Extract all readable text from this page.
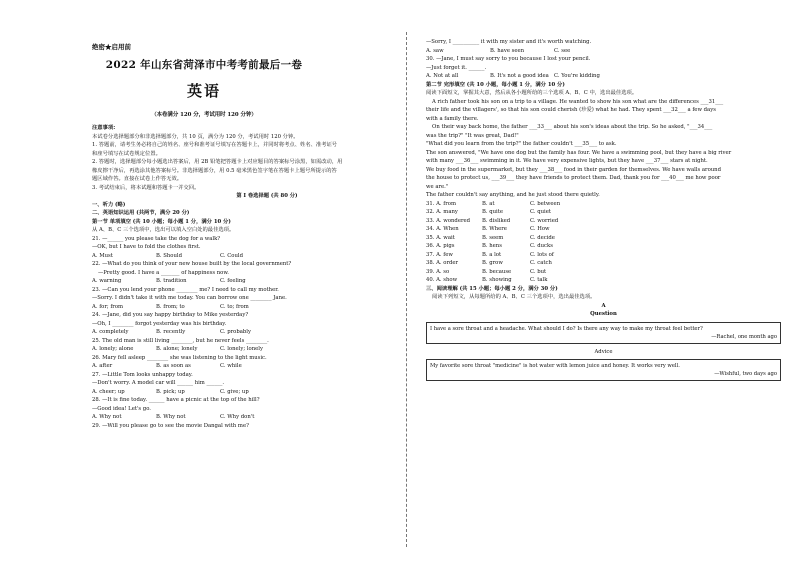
绝密★启用前
2022 年山东省菏泽市中考考前最后一卷
英语
（本卷满分 120 分，考试用时 120 分钟）
注意事项:
本试卷分选择题部分和非选择题部分，共 10 页，满分为 120 分，考试用时 120 分钟。
1. 答题前，请考生务必将自己的姓名、座号和准考证号填写在答题卡上，并同时将考点、姓名、准考证号
和座号填写在试卷规定位置。
2. 答题时，选择题部分每小题选出答案后，用 2B 铅笔把答题卡上对应题目的答案标号涂黑，如需改动，用
橡皮擦干净后，再选涂其他答案标号。非选择题部分，用 0.5 毫米黑色签字笔在答题卡上题号所提示的答
题区域作答。直接在试卷上作答无效。
3. 考试结束后，将本试题和答题卡一并交回。
第 I 卷选择题 (共 80 分)
一、听力 (略)
二、英语知识运用 (共两节，满分 20 分)
第一节 单项填空 (共 10 小题；每小题 1 分，满分 10 分)
从 A、B、C 三个选项中，选出可以填入空白处的最佳选项。
21. —______ you please take the dog for a walk?
—OK, but I have to fold the clothes first.
A. Must	B. Should	C. Could
22. —What do you think of your new house built by the local government?
—Pretty good. I have a _______ of happiness now.
A. warning	B. tradition	C. feeling
23. —Can you lend your phone ________ me? I need to call my mother.
—Sorry. I didn't take it with me today. You can borrow one ________ Jane.
A. for; from	B. from; to	C. to; from
24. —Jane, did you say happy birthday to Mike yesterday?
—Oh, I ________ forgot yesterday was his birthday.
A. completely	B. recently	C. probably
25. The old man is still living ________, but he never feels ________.
A. lonely; alone	B. alone; lonely	C. lonely; lonely
26. Mary fell asleep ________ she was listening to the light music.
A. after	B. as soon as	C. while
27. —Little Tom looks unhappy today.
—Don't worry. A model car will ______ him ______.
A. cheer; up	B. pick; up	C. give; up
28. —It is fine today. ______ have a picnic at the top of the hill?
—Good idea! Let's go.
A. Why not	B. Why not	C. Why don't
29. —Will you please go to see the movie Dangal with me?
—Sorry, I __________ it with my sister and it's worth watching.
A. saw	B. have seen	C. see
30. —Jane, I must say sorry to you because I lost your pencil.
—Just forget it. ______.
A. Not at all	B. It's not a good idea C. You're kidding
第二节 完形填空 (共 10 小题，每小题 1 分，满分 10 分)
阅读下面短文，掌握其大意，然后从各小题所给的三个选项 A、B、C 中，选出最佳选项。
A rich father took his son on a trip to a village. He wanted to show his son what are the differences ___31___
their life and the villagers', so that his son could cherish (珍爱) what he had. They spent ___32___ a few days
with a family there.
On their way back home, the father ___33___ about his son's ideas about the trip. So he asked, "___34___
was the trip?" "It was great, Dad!"
"What did you learn from the trip?" the father couldn't ___35___ to ask.
The son answered, "We have one dog but the family has four. We have a swimming pool, but they have a big river
with many ___36___ swimming in it. We have very expensive lights, but they have ___37___ stars at night.
We buy food in the supermarket, but they ___38___ food in their garden for themselves. We have walls around
the house to protect us, ___39___ they have friends to protect them. Dad, thank you for ___40___ me how poor
we are."
The father couldn't say anything, and he just stood there quietly.
31. A. from	B. at	C. between
32. A. many	B. quite	C. quiet
33. A. wondered	B. disliked	C. worried
34. A. When	B. Where	C. How
35. A. wait	B. seem	C. decide
36. A. pigs	B. hens	C. ducks
37. A. few	B. a lot	C. lots of
38. A. order	B. grow	C. catch
39. A. so	B. because	C. but
40. A. show	B. showing	C. talk
三、阅读理解 (共 15 小题；每小题 2 分，满分 30 分)
阅读下列短文，从每题所给的 A、B、C 三个选项中，选出最佳选项。
A
Question
I have a sore throat and a headache. What should I do? Is there any way to make my throat feel better?
—Rachel, one month ago
Advice
My favorite sore throat "medicine" is hot water with lemon juice and honey. It works very well.
—Wishful, two days ago
